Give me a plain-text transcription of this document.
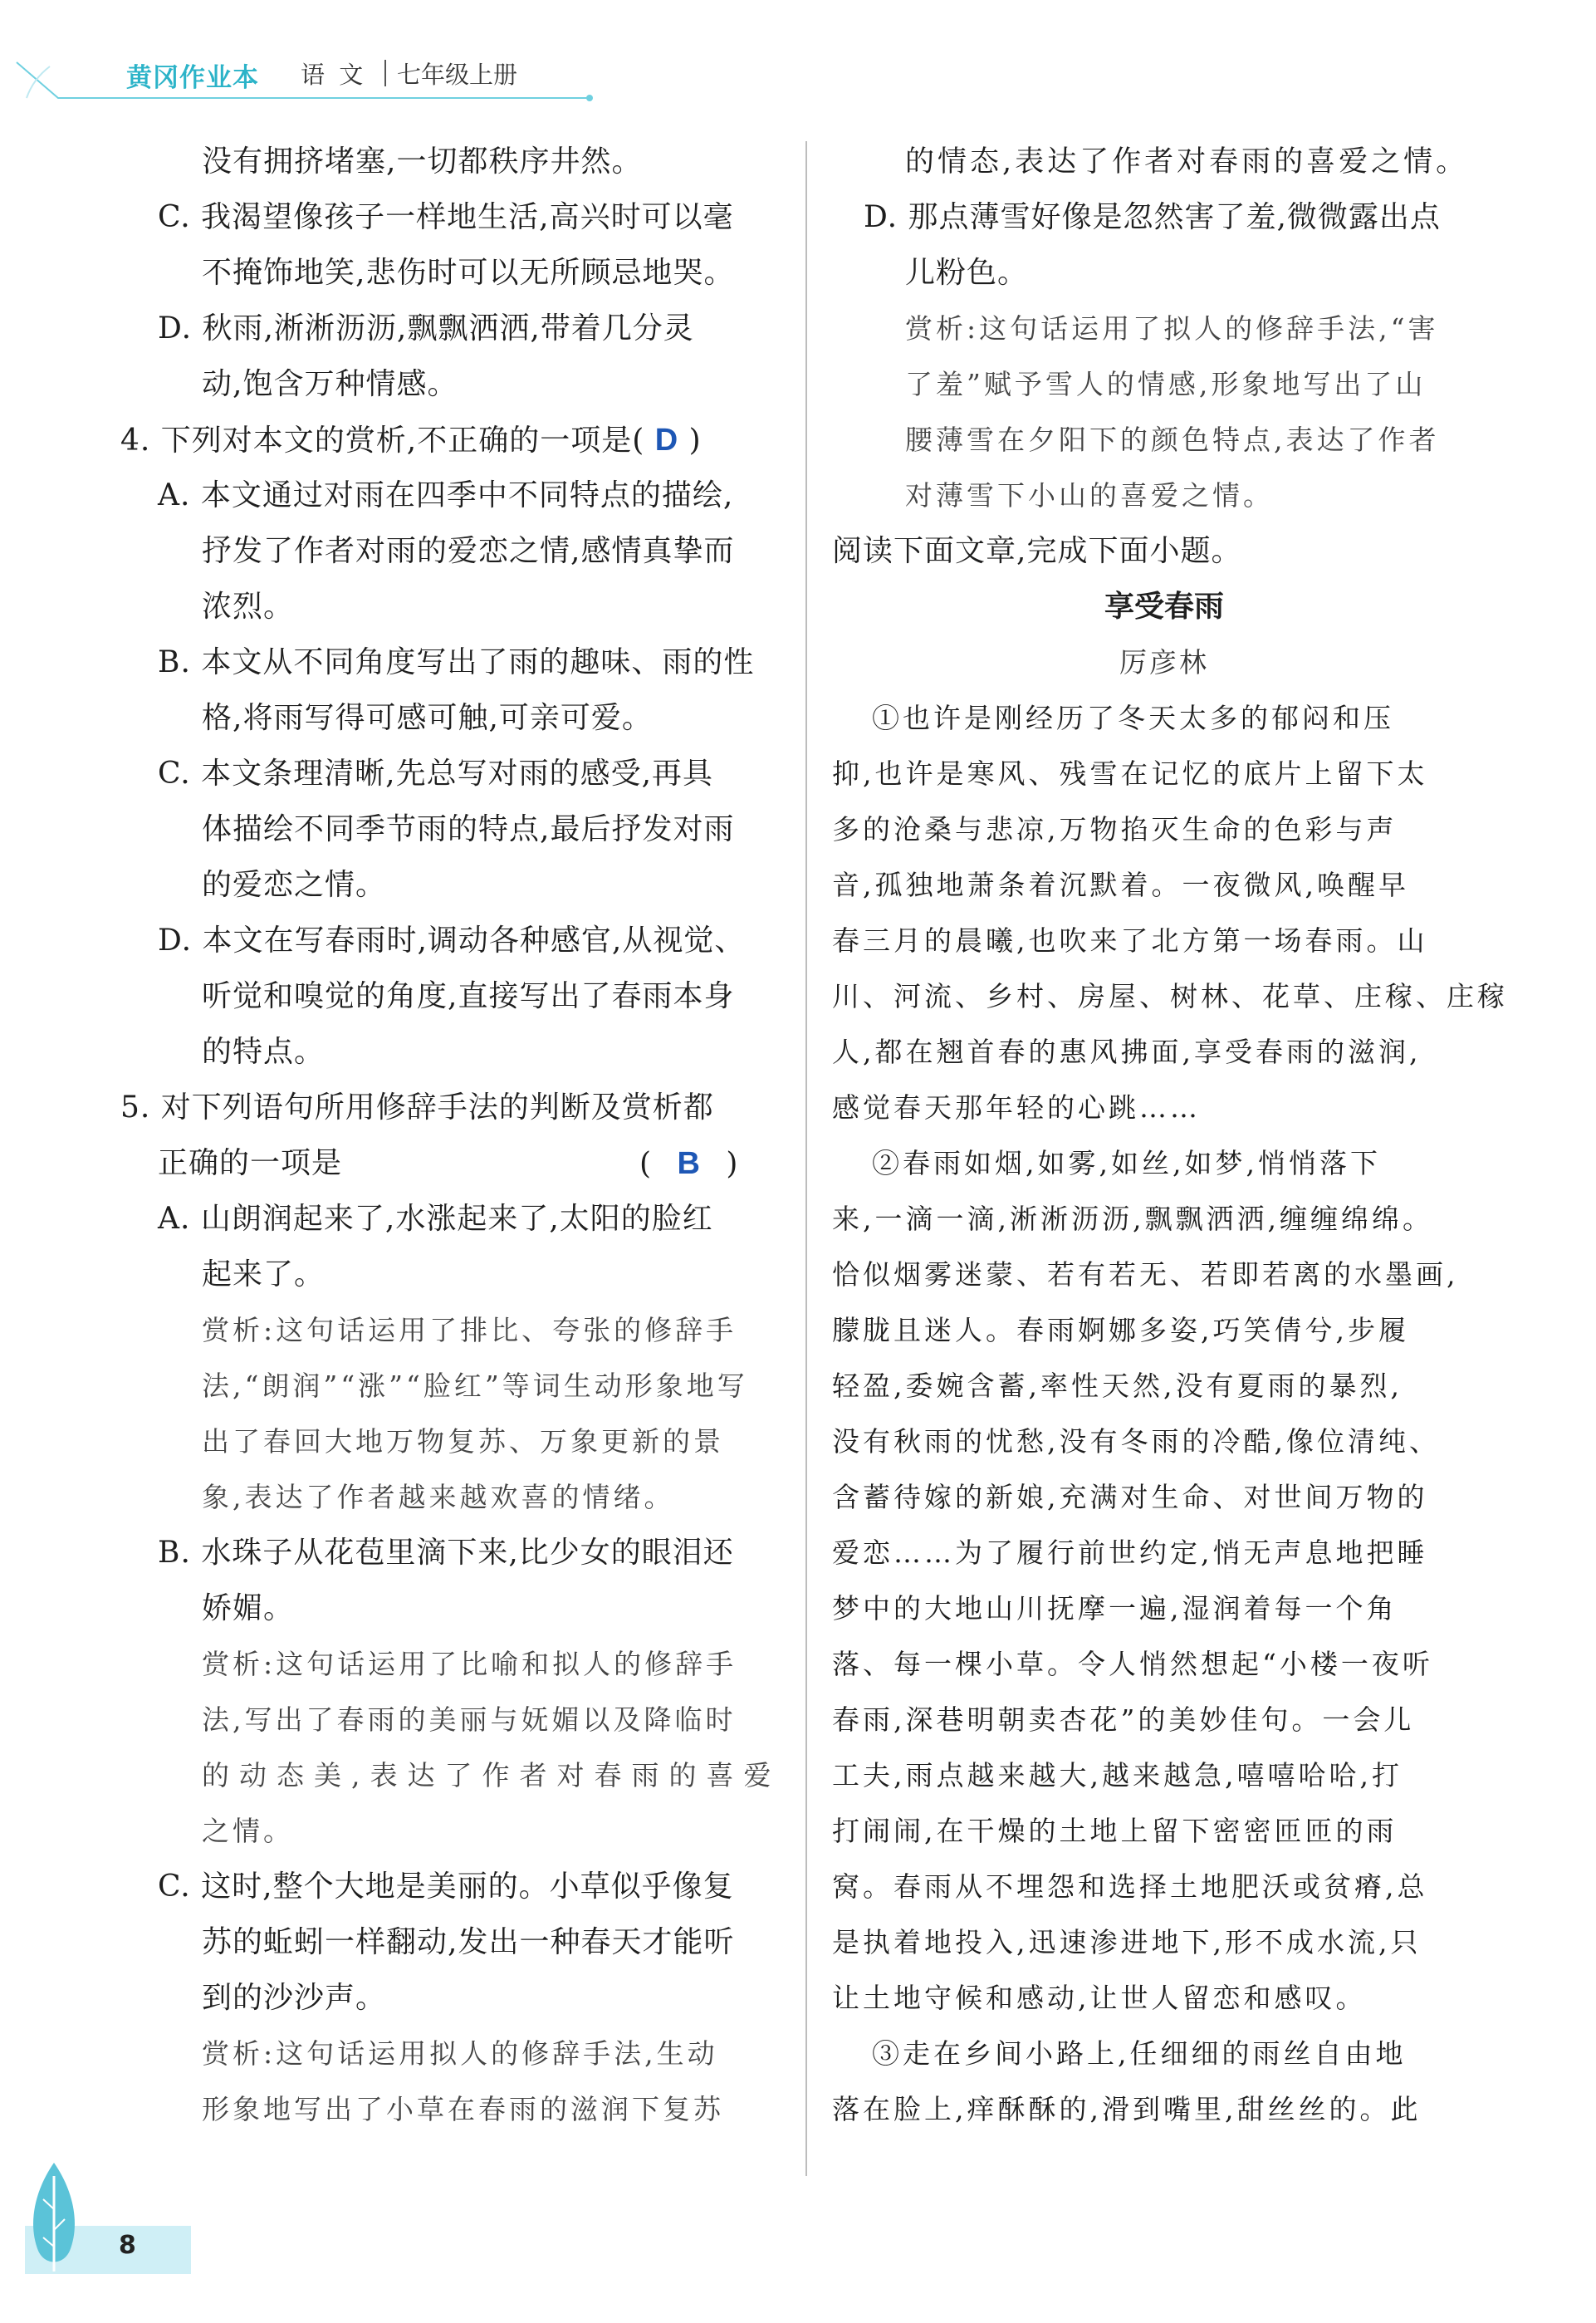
黄冈作业本 语 文 七年级上册
没有拥挤堵塞,一切都秩序井然。
C. 我渴望像孩子一样地生活,高兴时可以毫
不掩饰地笑,悲伤时可以无所顾忌地哭。
D. 秋雨,淅淅沥沥,飘飘洒洒,带着几分灵
动,饱含万种情感。
4. 下列对本文的赏析,不正确的一项是( D )
A. 本文通过对雨在四季中不同特点的描绘,
抒发了作者对雨的爱恋之情,感情真挚而
浓烈。
B. 本文从不同角度写出了雨的趣味、雨的性
格,将雨写得可感可触,可亲可爱。
C. 本文条理清晰,先总写对雨的感受,再具
体描绘不同季节雨的特点,最后抒发对雨
的爱恋之情。
D. 本文在写春雨时,调动各种感官,从视觉、
听觉和嗅觉的角度,直接写出了春雨本身
的特点。
5. 对下列语句所用修辞手法的判断及赏析都
正确的一项是	( B )
A. 山朗润起来了,水涨起来了,太阳的脸红
起来了。
赏析:这句话运用了排比、夸张的修辞手
法,“朗润”“涨”“脸红”等词生动形象地写
出了春回大地万物复苏、万象更新的景
象,表达了作者越来越欢喜的情绪。
B. 水珠子从花苞里滴下来,比少女的眼泪还
娇媚。
赏析:这句话运用了比喻和拟人的修辞手
法,写出了春雨的美丽与妩媚以及降临时
的动态美,表达了作者对春雨的喜爱
之情。
C. 这时,整个大地是美丽的。小草似乎像复
苏的蚯蚓一样翻动,发出一种春天才能听
到的沙沙声。
赏析:这句话运用拟人的修辞手法,生动
形象地写出了小草在春雨的滋润下复苏
的情态,表达了作者对春雨的喜爱之情。
D. 那点薄雪好像是忽然害了羞,微微露出点
儿粉色。
赏析:这句话运用了拟人的修辞手法,“害
了羞”赋予雪人的情感,形象地写出了山
腰薄雪在夕阳下的颜色特点,表达了作者
对薄雪下小山的喜爱之情。
阅读下面文章,完成下面小题。
享受春雨
厉彦林
①也许是刚经历了冬天太多的郁闷和压
抑,也许是寒风、残雪在记忆的底片上留下太
多的沧桑与悲凉,万物掐灭生命的色彩与声
音,孤独地萧条着沉默着。一夜微风,唤醒早
春三月的晨曦,也吹来了北方第一场春雨。山
川、河流、乡村、房屋、树林、花草、庄稼、庄稼
人,都在翘首春的惠风拂面,享受春雨的滋润,
感觉春天那年轻的心跳……
②春雨如烟,如雾,如丝,如梦,悄悄落下
来,一滴一滴,淅淅沥沥,飘飘洒洒,缠缠绵绵。
恰似烟雾迷蒙、若有若无、若即若离的水墨画,
朦胧且迷人。春雨婀娜多姿,巧笑倩兮,步履
轻盈,委婉含蓄,率性天然,没有夏雨的暴烈,
没有秋雨的忧愁,没有冬雨的冷酷,像位清纯、
含蓄待嫁的新娘,充满对生命、对世间万物的
爱恋……为了履行前世约定,悄无声息地把睡
梦中的大地山川抚摩一遍,湿润着每一个角
落、每一棵小草。令人悄然想起“小楼一夜听
春雨,深巷明朝卖杏花”的美妙佳句。一会儿
工夫,雨点越来越大,越来越急,嘻嘻哈哈,打
打闹闹,在干燥的土地上留下密密匝匝的雨
窝。春雨从不埋怨和选择土地肥沃或贫瘠,总
是执着地投入,迅速渗进地下,形不成水流,只
让土地守候和感动,让世人留恋和感叹。
③走在乡间小路上,任细细的雨丝自由地
落在脸上,痒酥酥的,滑到嘴里,甜丝丝的。此
8
